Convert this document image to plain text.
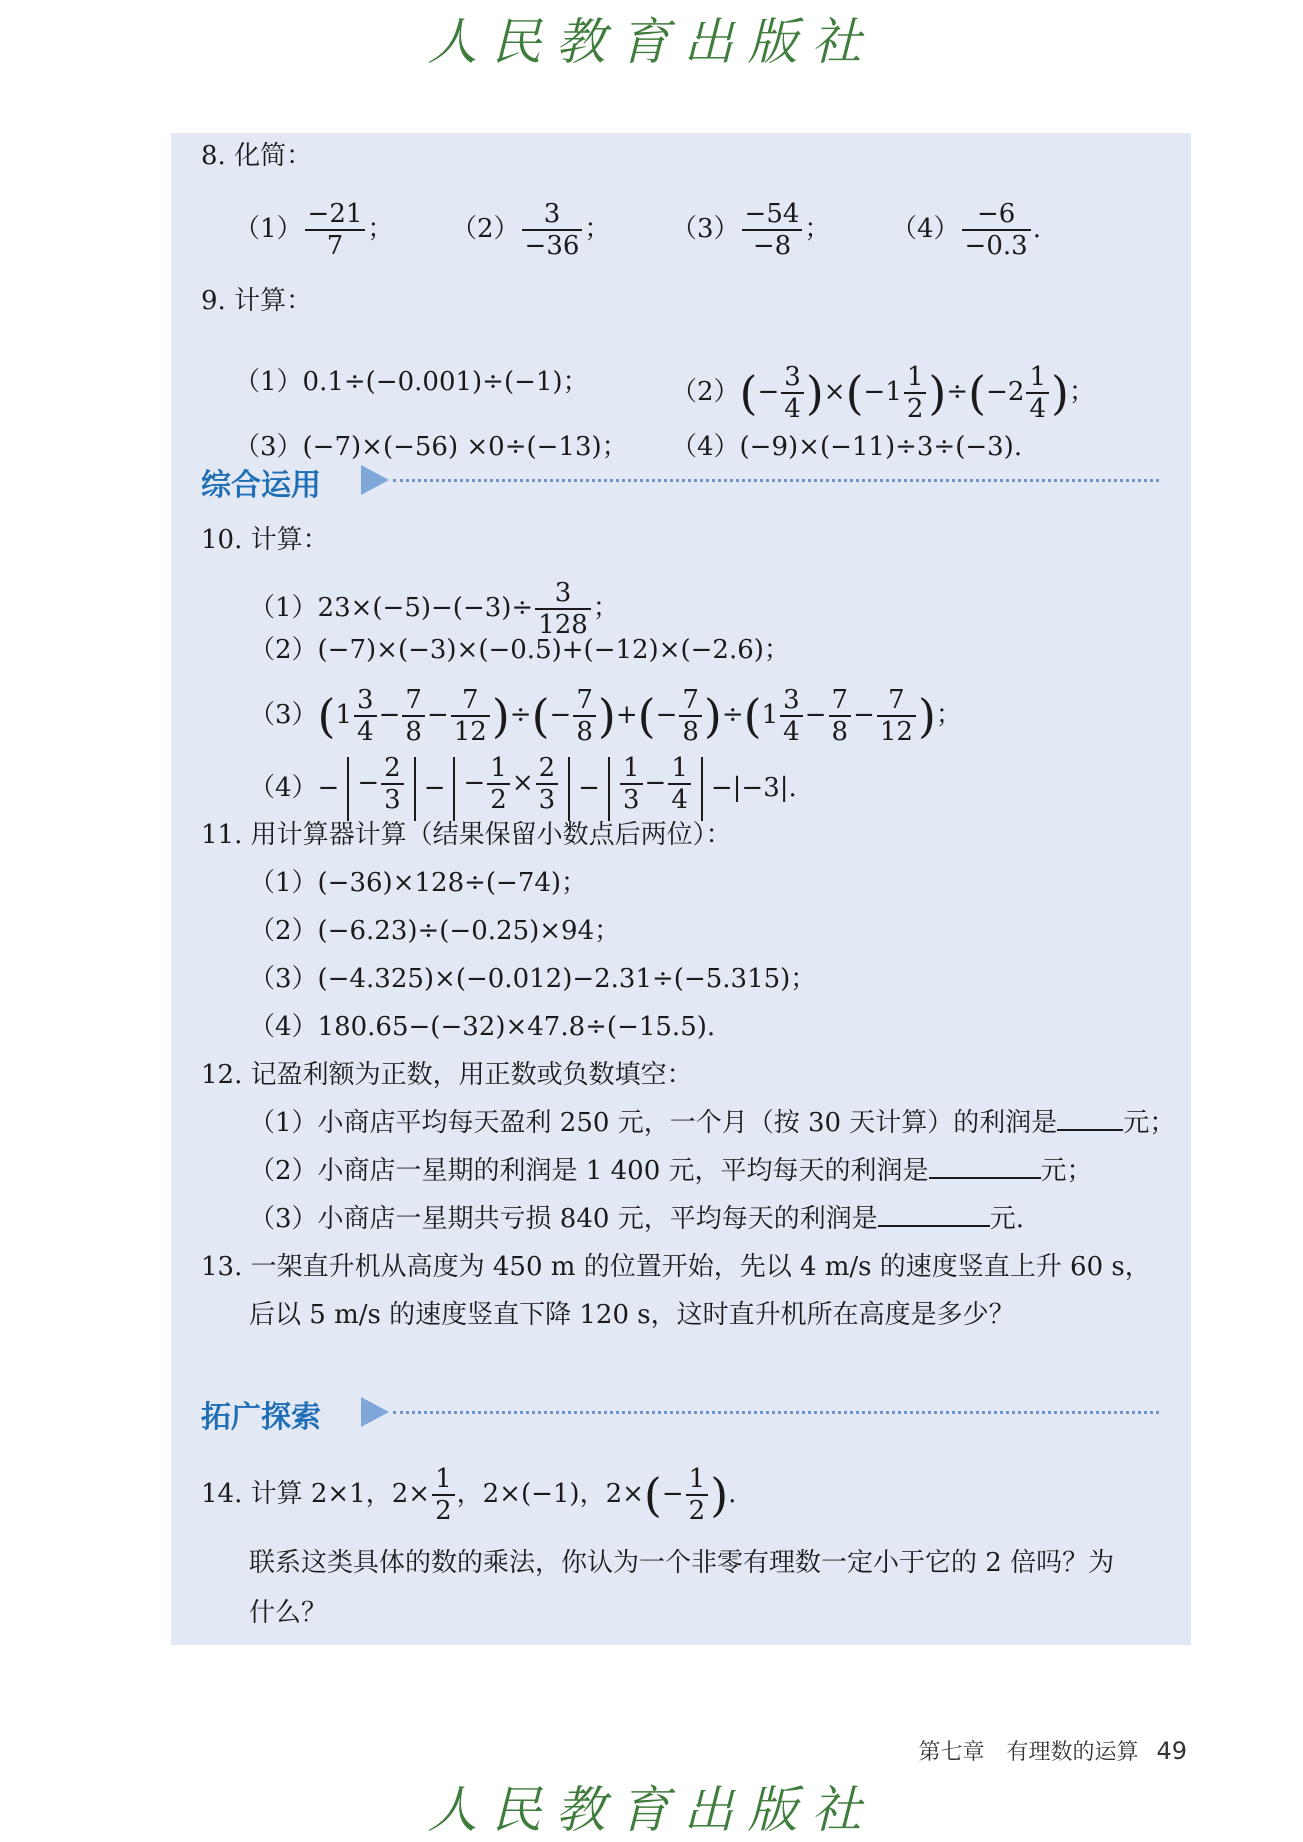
人民教育出版社
8. 化简：
$(1) \frac{-21}{7}$ ； $(2) \frac{3}{-36}$ ； $(3) \frac{-54}{-8}$ ； $(4) \frac{-6}{-0.3}$ .
9. 计算：
（1）0.1÷(−0.001)÷(−1)；	$(2)(- \frac{3}{4} )\times(-1 \frac{1}{2} )\div(-2 \frac{1}{4}$ )；
（3）(−7)×(−56) ×0÷(−13)； （4）(−9)×(−11)÷3÷(−3).
综合运用
10. 计算：
$(1)23\times(-5)-(-3)\div \frac{3}{128}$ ；
（2）(−7)×(−3)×(−0.5)+(−12)×(−2.6)；
$(3)(1 \frac{3}{4} - \frac{7}{8} - \frac{7}{12}$ )÷(− $\frac{7}{8}$ )+(− $\frac{7}{8} )\div(1 \frac{3}{4} - \frac{7}{8} - \frac{7}{12}$ )；
$(4)- - \frac{2}{3}$ − − $\frac{1}{2} \times \frac{2}{3} - \frac{1}{3} - \frac{1}{4} -|-3|$.
11. 用计算器计算（结果保留小数点后两位）：
（1）(−36)×128÷(−74)；
（2）(−6.23)÷(−0.25)×94；
（3）(−4.325)×(−0.012)−2.31÷(−5.315)；
（4）180.65−(−32)×47.8÷(−15.5).
12. 记盈利额为正数，用正数或负数填空：
（1）小商店平均每天盈利 250 元，一个月（按 30 天计算）的利润是	元；
（2）小商店一星期的利润是 1 400 元，平均每天的利润是	元；
（3）小商店一星期共亏损 840 元，平均每天的利润是	元.
13. 一架直升机从高度为 450 m 的位置开始，先以 4 m/s 的速度竖直上升 60 s，
后以 5 m/s 的速度竖直下降 120 s，这时直升机所在高度是多少？
拓广探索
14. 计算 2×1，$2\times \frac{1}{2}$ ，2×(−1)，$2\times(- \frac{1}{2}$ ).
联系这类具体的数的乘法，你认为一个非零有理数一定小于它的 2 倍吗？为
什么？
第七章　有理数的运算 49
人民教育出版社
